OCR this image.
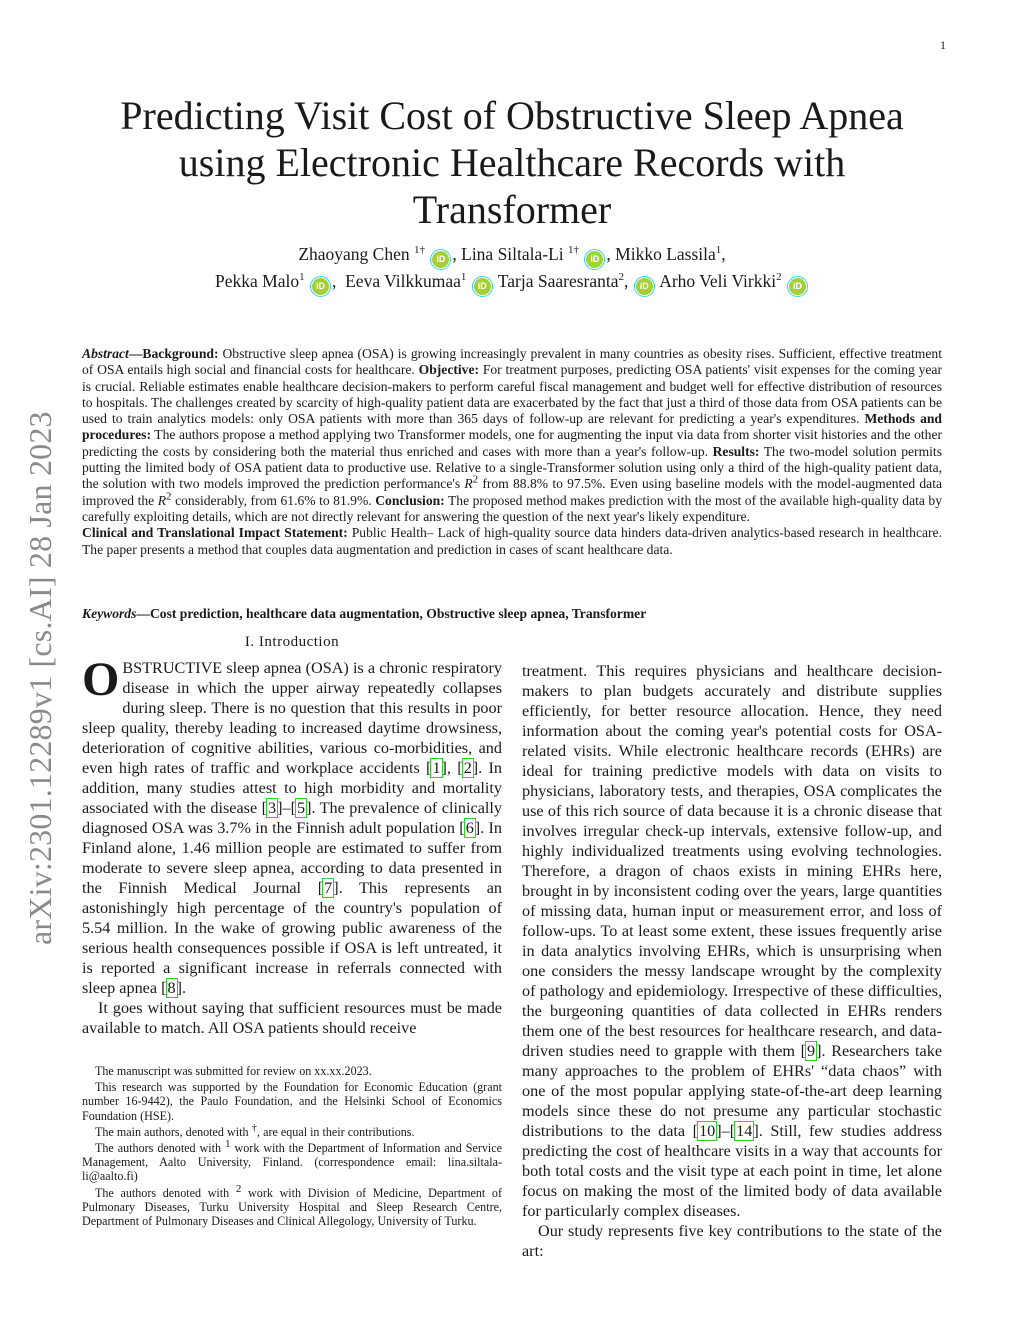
1
arXiv:2301.12289v1 [cs.AI] 28 Jan 2023
Predicting Visit Cost of Obstructive Sleep Apnea using Electronic Healthcare Records with Transformer
Zhaoyang Chen $^{1\dagger}$ iD , Lina Siltala-Li $^{1\dagger}$ iD , Mikko Lassila$^1$,
Pekka Malo$^1$ iD ,  Eeva Vilkkumaa$^1$ iD Tarja Saaresranta$^2$, iD Arho Veli Virkki$^2$ iD

Abstract—Background: Obstructive sleep apnea (OSA) is growing increasingly prevalent in many countries as obesity rises. Sufficient, effective treatment of OSA entails high social and financial costs for healthcare. Objective: For treatment purposes, predicting OSA patients' visit expenses for the coming year is crucial. Reliable estimates enable healthcare decision-makers to perform careful fiscal management and budget well for effective distribution of resources to hospitals. The challenges created by scarcity of high-quality patient data are exacerbated by the fact that just a third of those data from OSA patients can be used to train analytics models: only OSA patients with more than 365 days of follow-up are relevant for predicting a year's expenditures. Methods and procedures: The authors propose a method applying two Transformer models, one for augmenting the input via data from shorter visit histories and the other predicting the costs by considering both the material thus enriched and cases with more than a year's follow-up. Results: The two-model solution permits putting the limited body of OSA patient data to productive use. Relative to a single-Transformer solution using only a third of the high-quality patient data, the solution with two models improved the prediction performance's $R^2$ from 88.8% to 97.5%. Even using baseline models with the model-augmented data improved the $R^2$ considerably, from 61.6% to 81.9%. Conclusion: The proposed method makes prediction with the most of the available high-quality data by carefully exploiting details, which are not directly relevant for answering the question of the next year's likely expenditure.

Clinical and Translational Impact Statement: Public Health– Lack of high-quality source data hinders data-driven analytics-based research in healthcare. The paper presents a method that couples data augmentation and prediction in cases of scant healthcare data.

Keywords—Cost prediction, healthcare data augmentation, Obstructive sleep apnea, Transformer
I. Introduction

OBSTRUCTIVE sleep apnea (OSA) is a chronic respiratory disease in which the upper airway repeatedly collapses during sleep. There is no question that this results in poor sleep quality, thereby leading to increased daytime drowsiness, deterioration of cognitive abilities, various co-morbidities, and even high rates of traffic and workplace accidents [1], [2]. In addition, many studies attest to high morbidity and mortality associated with the disease [3]–[5]. The prevalence of clinically diagnosed OSA was 3.7% in the Finnish adult population [6]. In Finland alone, 1.46 million people are estimated to suffer from moderate to severe sleep apnea, according to data presented in the Finnish Medical Journal [7]. This represents an astonishingly high percentage of the country's population of 5.54 million. In the wake of growing public awareness of the serious health consequences possible if OSA is left untreated, it is reported a significant increase in referrals connected with sleep apnea [8].

It goes without saying that sufficient resources must be made available to match. All OSA patients should receive

treatment. This requires physicians and healthcare decision-makers to plan budgets accurately and distribute supplies efficiently, for better resource allocation. Hence, they need information about the coming year's potential costs for OSA-related visits. While electronic healthcare records (EHRs) are ideal for training predictive models with data on visits to physicians, laboratory tests, and therapies, OSA complicates the use of this rich source of data because it is a chronic disease that involves irregular check-up intervals, extensive follow-up, and highly individualized treatments using evolving technologies. Therefore, a dragon of chaos exists in mining EHRs here, brought in by inconsistent coding over the years, large quantities of missing data, human input or measurement error, and loss of follow-ups. To at least some extent, these issues frequently arise in data analytics involving EHRs, which is unsurprising when one considers the messy landscape wrought by the complexity of pathology and epidemiology. Irrespective of these difficulties, the burgeoning quantities of data collected in EHRs renders them one of the best resources for healthcare research, and data-driven studies need to grapple with them [9]. Researchers take many approaches to the problem of EHRs' “data chaos” with one of the most popular applying state-of-the-art deep learning models since these do not presume any particular stochastic distributions to the data [10]–[14]. Still, few studies address predicting the cost of healthcare visits in a way that accounts for both total costs and the visit type at each point in time, let alone focus on making the most of the limited body of data available for particularly complex diseases.

Our study represents five key contributions to the state of the art:

The manuscript was submitted for review on xx.xx.2023.

This research was supported by the Foundation for Economic Education (grant number 16-9442), the Paulo Foundation, and the Helsinki School of Economics Foundation (HSE).

The main authors, denoted with †, are equal in their contributions.

The authors denoted with $^1$ work with the Department of Information and Service Management, Aalto University, Finland. (correspondence email: lina.siltala-li@aalto.fi)

The authors denoted with $^2$ work with Division of Medicine, Department of Pulmonary Diseases, Turku University Hospital and Sleep Research Centre, Department of Pulmonary Diseases and Clinical Allegology, University of Turku.
